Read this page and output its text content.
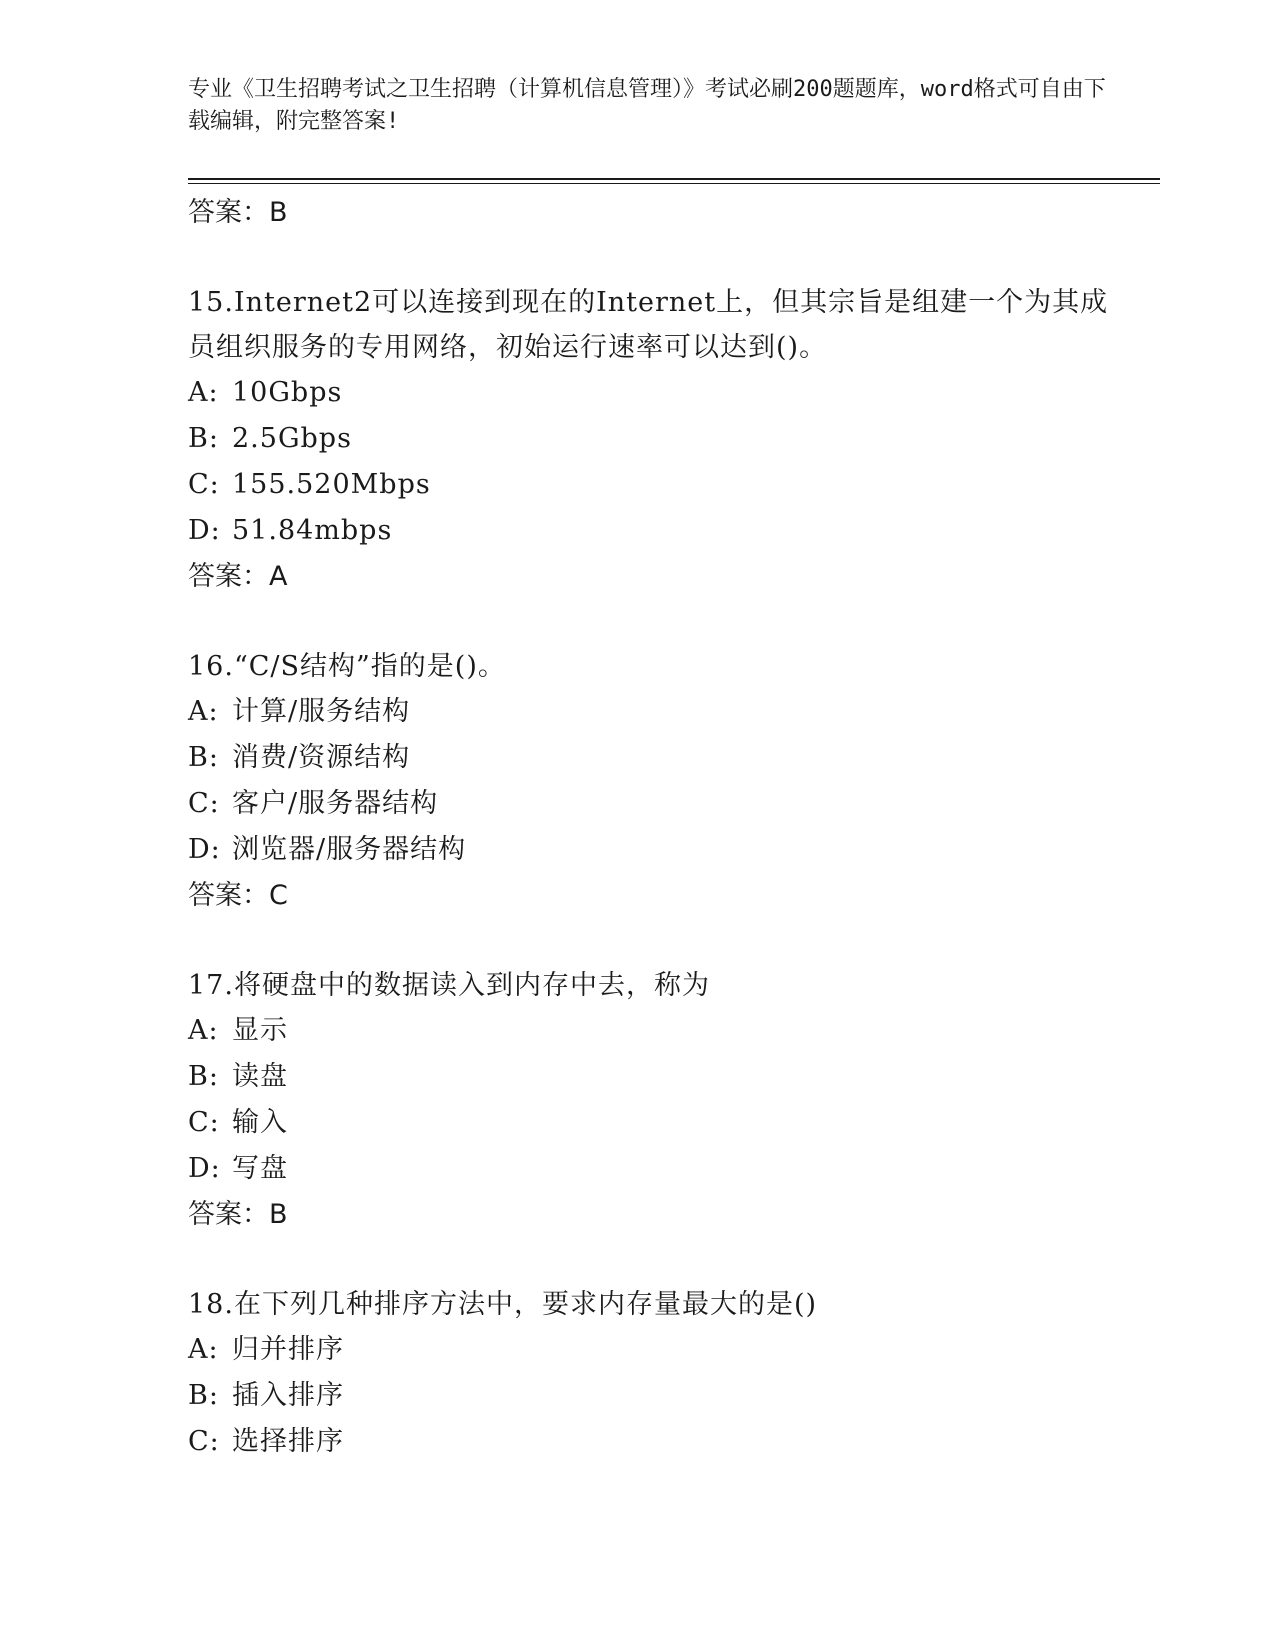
专业《卫生招聘考试之卫生招聘（计算机信息管理）》考试必刷200题题库，word格式可自由下载编辑，附完整答案!
答案：B
15.Internet2可以连接到现在的Internet上，但其宗旨是组建一个为其成员组织服务的专用网络，初始运行速率可以达到()。
A: 10Gbps
B: 2.5Gbps
C: 155.520Mbps
D: 51.84mbps
答案：A
16.“C/S结构”指的是()。
A: 计算/服务结构
B: 消费/资源结构
C: 客户/服务器结构
D: 浏览器/服务器结构
答案：C
17.将硬盘中的数据读入到内存中去，称为
A: 显示
B: 读盘
C: 输入
D: 写盘
答案：B
18.在下列几种排序方法中，要求内存量最大的是()
A: 归并排序
B: 插入排序
C: 选择排序
